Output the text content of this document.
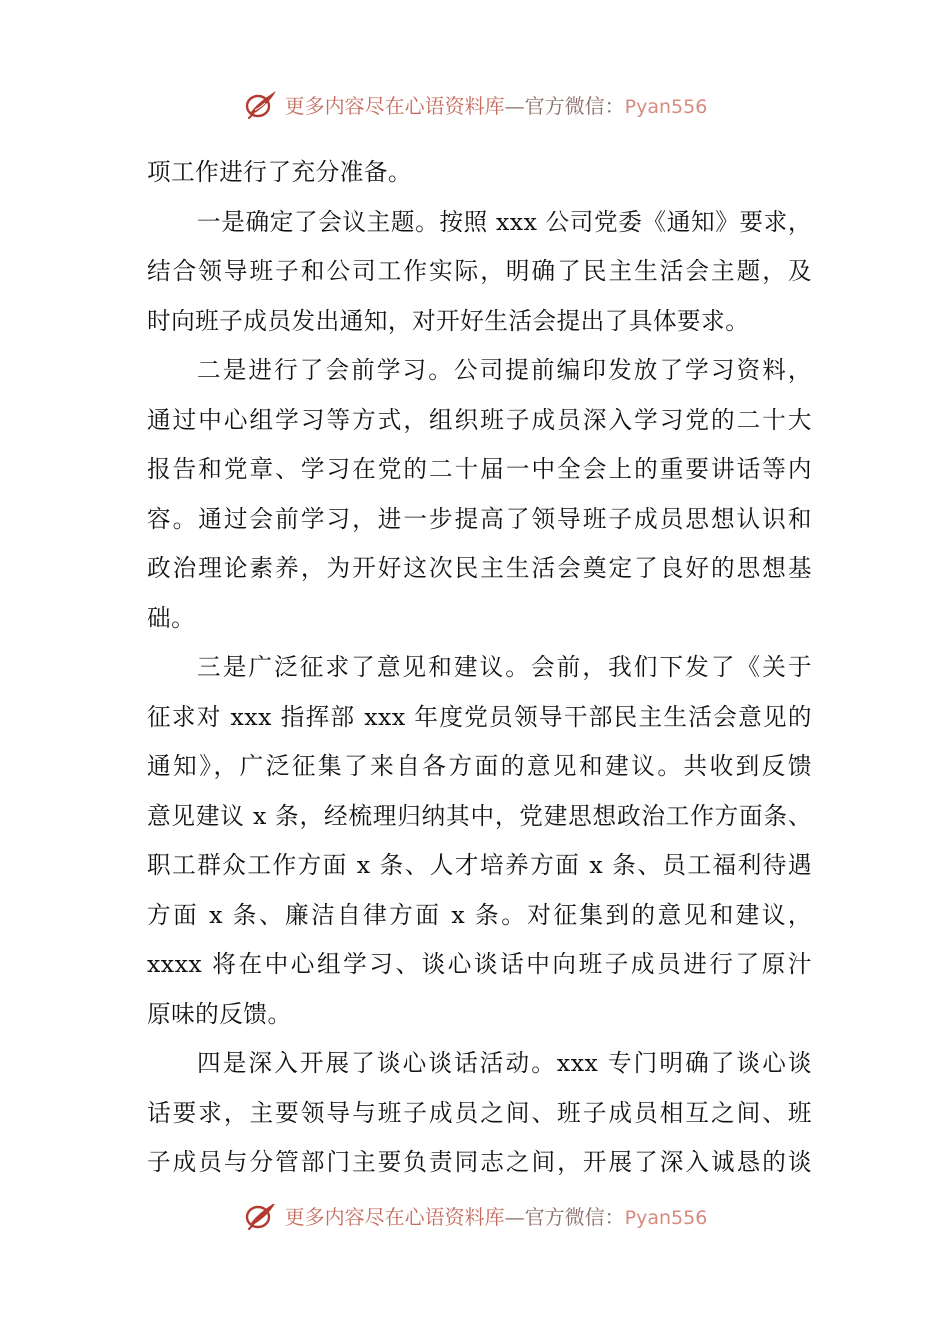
更多内容尽在心语资料库—官方微信：Pyan556
项工作进行了充分准备。
一是确定了会议主题。按照 xxx 公司党委《通知》要求，
结合领导班子和公司工作实际，明确了民主生活会主题，及
时向班子成员发出通知，对开好生活会提出了具体要求。
二是进行了会前学习。公司提前编印发放了学习资料，
通过中心组学习等方式，组织班子成员深入学习党的二十大
报告和党章、学习在党的二十届一中全会上的重要讲话等内
容。通过会前学习，进一步提高了领导班子成员思想认识和
政治理论素养，为开好这次民主生活会奠定了良好的思想基
础。
三是广泛征求了意见和建议。会前，我们下发了《关于
征求对 xxx 指挥部 xxx 年度党员领导干部民主生活会意见的
通知》，广泛征集了来自各方面的意见和建议。共收到反馈
意见建议 x 条，经梳理归纳其中，党建思想政治工作方面条、
职工群众工作方面 x 条、人才培养方面 x 条、员工福利待遇
方面 x 条、廉洁自律方面 x 条。对征集到的意见和建议，
xxxx 将在中心组学习、谈心谈话中向班子成员进行了原汁
原味的反馈。
四是深入开展了谈心谈话活动。xxx 专门明确了谈心谈
话要求，主要领导与班子成员之间、班子成员相互之间、班
子成员与分管部门主要负责同志之间，开展了深入诚恳的谈
更多内容尽在心语资料库—官方微信：Pyan556
